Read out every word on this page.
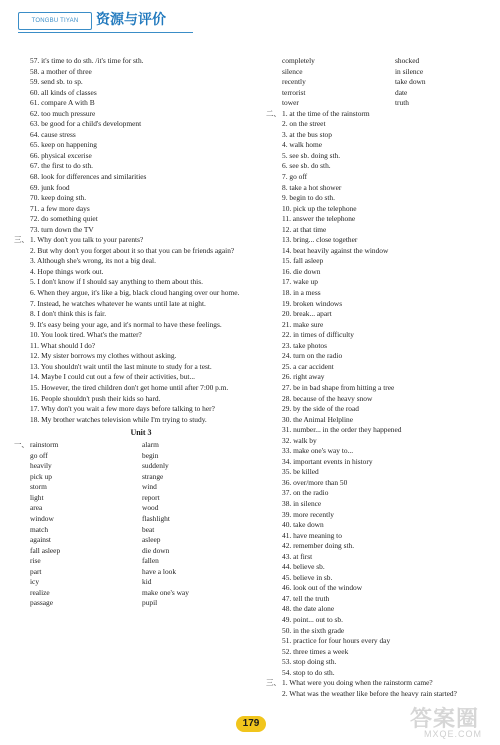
TONGBU TIYAN	资源与评价
57. it's time to do sth. /it's time for sth.
58. a mother of three
59. send sb. to sp.
60. all kinds of classes
61. compare A with B
62. too much pressure
63. be good for a child's development
64. cause stress
65. keep on happening
66. physical excerise
67. the first to do sth.
68. look for differences and similarities
69. junk food
70. keep doing sth.
71. a few more days
72. do something quiet
73. turn down the TV
三、 1. Why don't you talk to your parents?
2. But why don't you forget about it so that you can be friends again?
3. Although she's wrong, its not a big deal.
4. Hope things work out.
5. I don't know if I should say anything to them about this.
6. When they argue, it's like a big, black cloud hanging over our home.
7. Instead, he watches whatever he wants until late at night.
8. I don't think this is fair.
9. It's easy being your age, and it's normal to have these feelings.
10. You look tired. What's the matter?
11. What should I do?
12. My sister borrows my clothes without asking.
13. You shouldn't wait until the last minute to study for a test.
14. Maybe I could cut out a few of their activities, but...
15. However, the tired children don't get home until after 7:00 p.m.
16. People shouldn't push their kids so hard.
17. Why don't you wait a few more days before talking to her?
18. My brother watches television while I'm trying to study.
Unit 3
一、 rainstorm
go off
heavily
pick up
storm
light
area
window
match
against
fall asleep
rise
part
icy
realize
passage
alarm
begin
suddenly
strange
wind
report
wood
flashlight
beat
asleep
die down
fallen
have a look
kid
make one's way
pupil
completely
silence
recently
terrorist
tower
shocked
in silence
take down
date
truth
二、 1. at the time of the rainstorm
2. on the street
3. at the bus stop
4. walk home
5. see sb. doing sth.
6. see sb. do sth.
7. go off
8. take a hot shower
9. begin to do sth.
10. pick up the telephone
11. answer the telephone
12. at that time
13. bring... close together
14. beat heavily against the window
15. fall asleep
16. die down
17. wake up
18. in a mess
19. broken windows
20. break... apart
21. make sure
22. in times of difficulty
23. take photos
24. turn on the radio
25. a car accident
26. right away
27. be in bad shape from hitting a tree
28. because of the heavy snow
29. by the side of the road
30. the Animal Helpline
31. number... in the order they happened
32. walk by
33. make one's way to...
34. important events in history
35. be killed
36. over/more than 50
37. on the radio
38. in silence
39. more recently
40. take down
41. have meaning to
42. remember doing sth.
43. at first
44. believe sb.
45. believe in sb.
46. look out of the window
47. tell the truth
48. the date alone
49. point... out to sb.
50. in the sixth grade
51. practice for four hours every day
52. three times a week
53. stop doing sth.
54. stop to do sth.
三、 1. What were you doing when the rainstorm came?
2. What was the weather like before the heavy rain started?
179	答案圈
MXQE.COM
